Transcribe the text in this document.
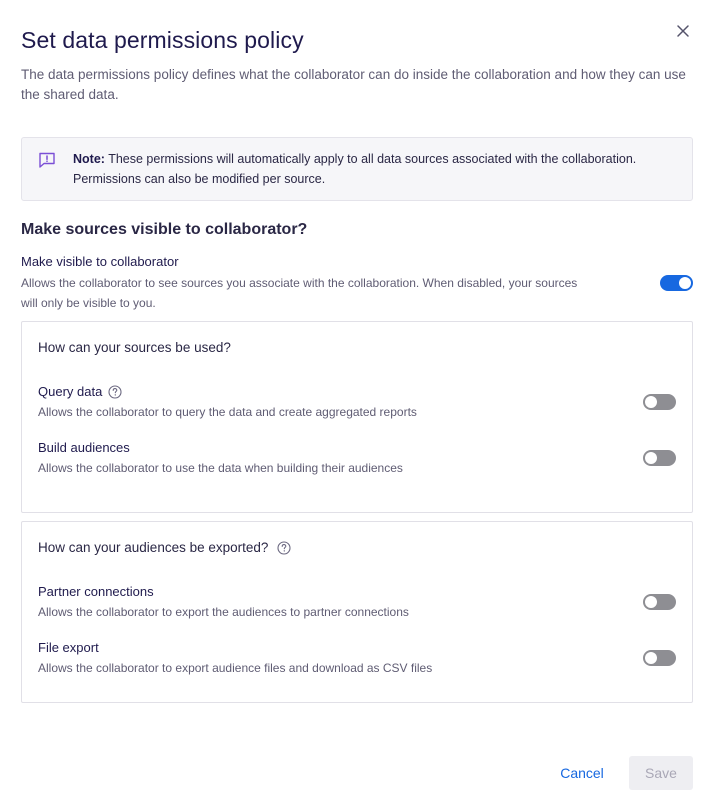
Set data permissions policy

The data permissions policy defines what the collaborator can do inside the collaboration and how they can use the shared data.

Note: These permissions will automatically apply to all data sources associated with the collaboration. Permissions can also be modified per source.
Make sources visible to collaborator?
Make visible to collaborator
Allows the collaborator to see sources you associate with the collaboration. When disabled, your sources will only be visible to you.
How can your sources be used?
Query data
Allows the collaborator to query the data and create aggregated reports
Build audiences
Allows the collaborator to use the data when building their audiences
How can your audiences be exported?
Partner connections
Allows the collaborator to export the audiences to partner connections
File export
Allows the collaborator to export audience files and download as CSV files
Cancel	Save
